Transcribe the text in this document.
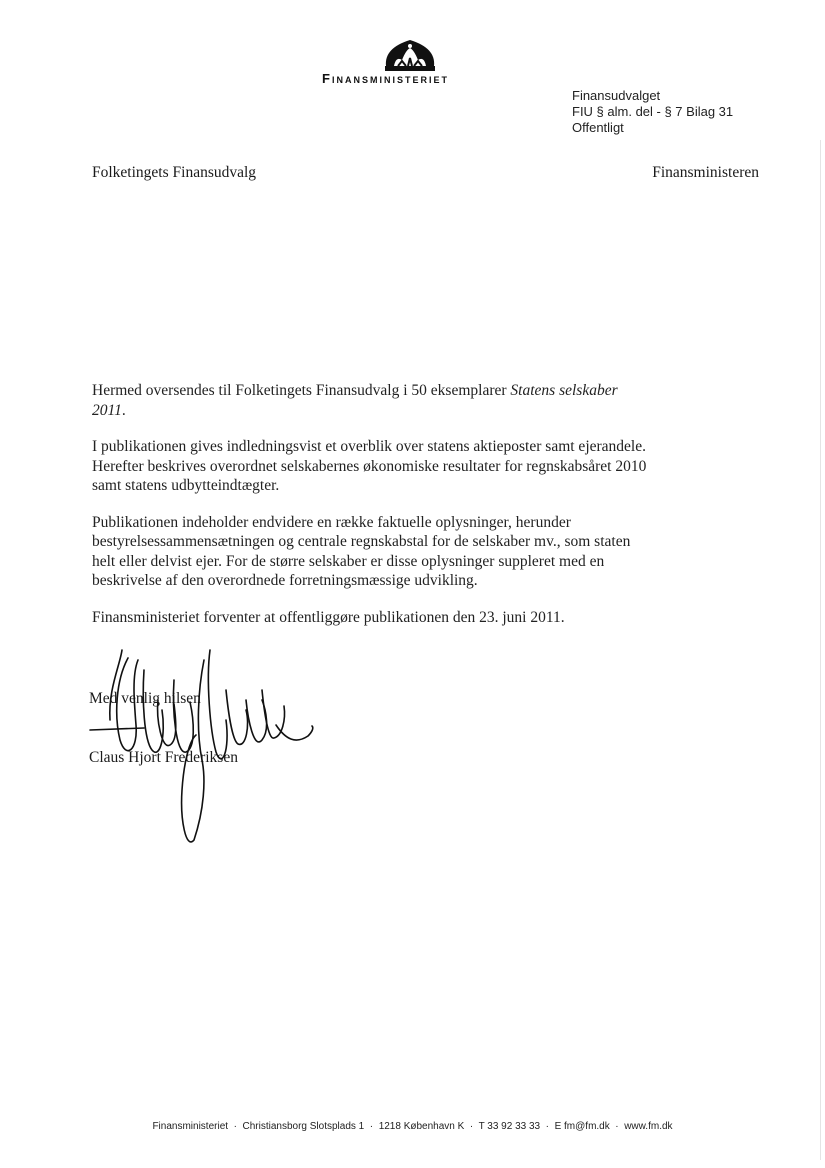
Finansministeriet
Finansudvalget
FIU § alm. del - § 7 Bilag 31
Offentligt
Folketingets Finansudvalg	Finansministeren

Hermed oversendes til Folketingets Finansudvalg i 50 eksemplarer Statens selskaber 2011.

I publikationen gives indledningsvist et overblik over statens aktieposter samt ejerandele. Herefter beskrives overordnet selskabernes økonomiske resultater for regnskabsåret 2010 samt statens udbytteindtægter.

Publikationen indeholder endvidere en række faktuelle oplysninger, herunder bestyrelsessammensætningen og centrale regnskabstal for de selskaber mv., som staten helt eller delvist ejer. For de større selskaber er disse oplysninger suppleret med en beskrivelse af den overordnede forretningsmæssige udvikling.

Finansministeriet forventer at offentliggøre publikationen den 23. juni 2011.

Med venlig hilsen
Claus Hjort Frederiksen
Finansministeriet  ·  Christiansborg Slotsplads 1  ·  1218 København K  ·  T 33 92 33 33  ·  E fm@fm.dk  ·  www.fm.dk
